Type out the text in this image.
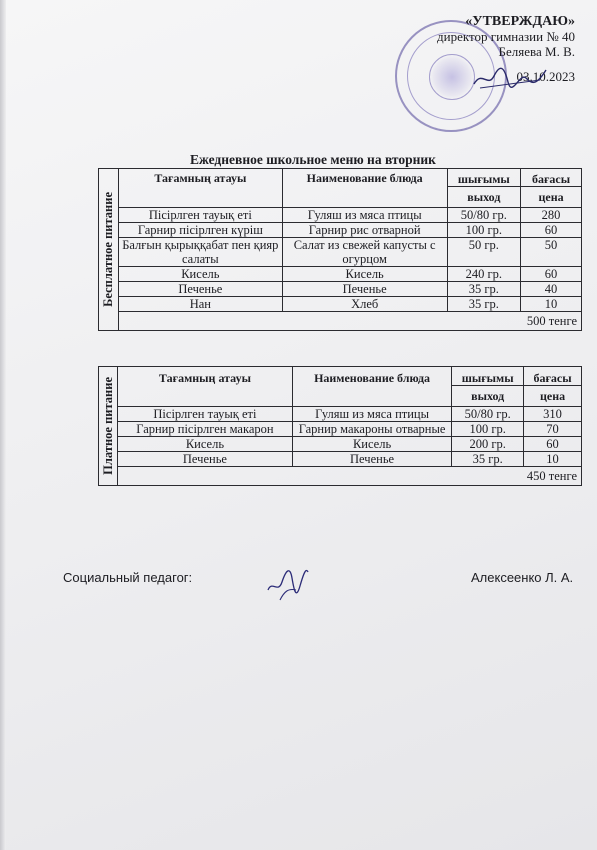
«УТВЕРЖДАЮ»
директор гимназии № 40
Беляева М. В.
03.10.2023
Ежедневное школьное меню на вторник
Бесплатное питание	Тағамның атауы	Наименование блюда	шығымы	бағасы
			выход	цена
	Пісірлген тауық еті	Гуляш из мяса птицы	50/80 гр.	280
	Гарнир пісірлген күріш	Гарнир рис отварной	100 гр.	60
	Балғын қырыққабат пен қияр салаты	Салат из свежей капусты с огурцом	50 гр.	50
	Кисель	Кисель	240 гр.	60
	Печенье	Печенье	35 гр.	40
	Нан	Хлеб	35 гр.	10
	500 тенге			
Платное питание	Тағамның атауы	Наименование блюда	шығымы	бағасы
			выход	цена
	Пісірлген тауық еті	Гуляш из мяса птицы	50/80 гр.	310
	Гарнир пісірлген макарон	Гарнир макароны отварные	100 гр.	70
	Кисель	Кисель	200 гр.	60
	Печенье	Печенье	35 гр.	10
	450 тенге			
Социальный педагог:	Алексеенко Л. А.
